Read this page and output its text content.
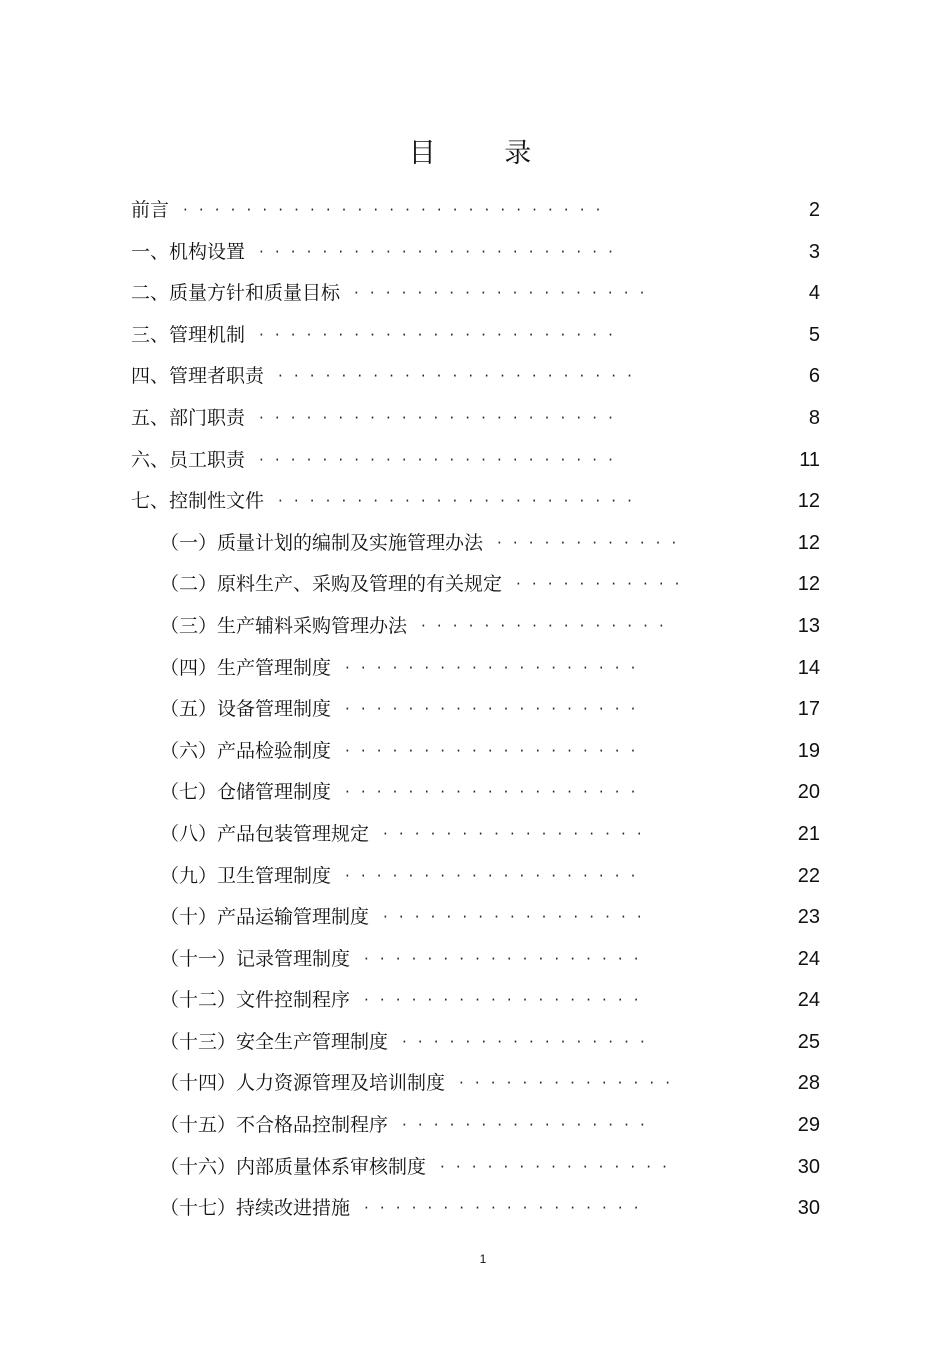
目 录
前言 ···························	2
一、机构设置 ·······················	3
二、质量方针和质量目标 ···················	4
三、管理机制 ·······················	5
四、管理者职责 ·······················	6
五、部门职责 ·······················	8
六、员工职责 ·······················	11
七、控制性文件 ·······················	12
（一）质量计划的编制及实施管理办法 ············	12
（二）原料生产、采购及管理的有关规定 ···········	12
（三）生产辅料采购管理办法 ················	13
（四）生产管理制度 ···················	14
（五）设备管理制度 ···················	17
（六）产品检验制度 ···················	19
（七）仓储管理制度 ···················	20
（八）产品包装管理规定 ·················	21
（九）卫生管理制度 ···················	22
（十）产品运输管理制度 ·················	23
（十一）记录管理制度 ··················	24
（十二）文件控制程序 ··················	24
（十三）安全生产管理制度 ················	25
（十四）人力资源管理及培训制度 ··············	28
（十五）不合格品控制程序 ················	29
（十六）内部质量体系审核制度 ···············	30
（十七）持续改进措施 ··················	30
1
